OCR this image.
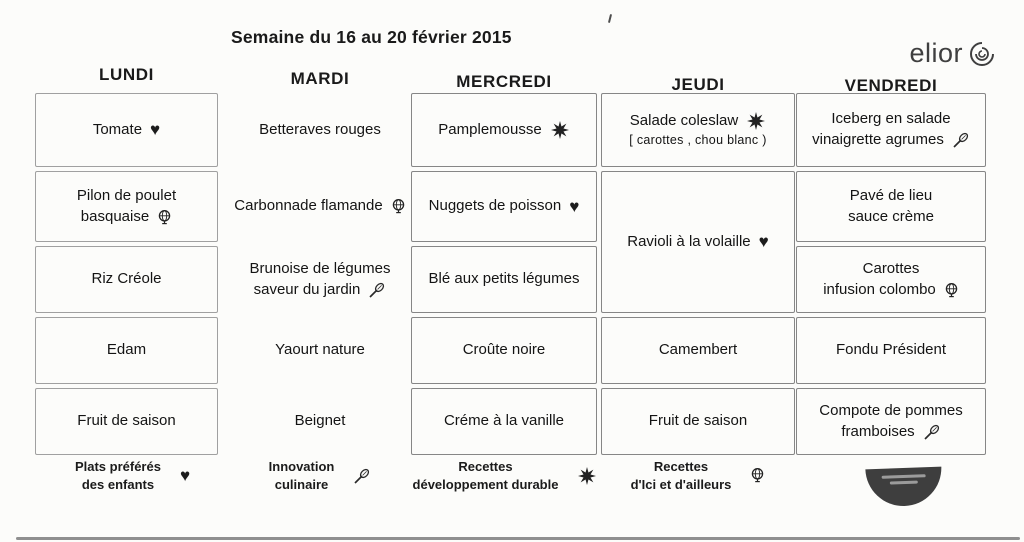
Semaine du 16 au 20 février 2015
elior
LUNDI
Tomate ♥
Pilon de poulet
basquaise
Riz Créole
Edam
Fruit de saison
MARDI
Betteraves rouges
Carbonnade flamande
Brunoise de légumes
saveur du jardin
Yaourt nature
Beignet
MERCREDI
Pamplemousse
Nuggets de poisson ♥
Blé aux petits légumes
Croûte noire
Créme à la vanille
JEUDI
Salade coleslaw
[ carottes , chou blanc )
Ravioli à la volaille ♥
Camembert
Fruit de saison
VENDREDI
Iceberg en salade
vinaigrette agrumes
Pavé de lieu
sauce crème
Carottes
infusion colombo
Fondu Président
Compote de pommes
framboises
Plats préférés
des enfants	♥	Innovation
culinaire
Recettes
développement durable
Recettes
d'Ici et d'ailleurs
